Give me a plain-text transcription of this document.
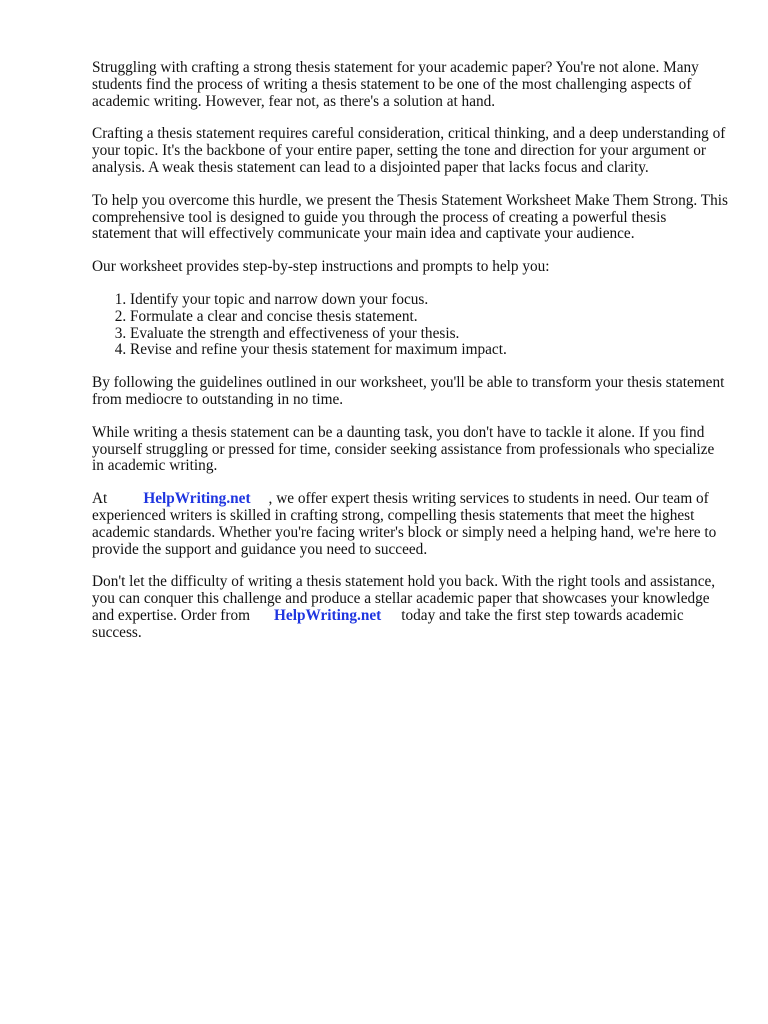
Struggling with crafting a strong thesis statement for your academic paper? You're not alone. Many students find the process of writing a thesis statement to be one of the most challenging aspects of academic writing. However, fear not, as there's a solution at hand.

Crafting a thesis statement requires careful consideration, critical thinking, and a deep understanding of your topic. It's the backbone of your entire paper, setting the tone and direction for your argument or analysis. A weak thesis statement can lead to a disjointed paper that lacks focus and clarity.

To help you overcome this hurdle, we present the Thesis Statement Worksheet Make Them Strong. This comprehensive tool is designed to guide you through the process of creating a powerful thesis statement that will effectively communicate your main idea and captivate your audience.

Our worksheet provides step-by-step instructions and prompts to help you:

1. Identify your topic and narrow down your focus.
2. Formulate a clear and concise thesis statement.
3. Evaluate the strength and effectiveness of your thesis.
4. Revise and refine your thesis statement for maximum impact.

By following the guidelines outlined in our worksheet, you'll be able to transform your thesis statement from mediocre to outstanding in no time.

While writing a thesis statement can be a daunting task, you don't have to tackle it alone. If you find yourself struggling or pressed for time, consider seeking assistance from professionals who specialize in academic writing.

At HelpWriting.net , we offer expert thesis writing services to students in need. Our team of experienced writers is skilled in crafting strong, compelling thesis statements that meet the highest academic standards. Whether you're facing writer's block or simply need a helping hand, we're here to provide the support and guidance you need to succeed.

Don't let the difficulty of writing a thesis statement hold you back. With the right tools and assistance, you can conquer this challenge and produce a stellar academic paper that showcases your knowledge and expertise. Order from HelpWriting.net today and take the first step towards academic success.
